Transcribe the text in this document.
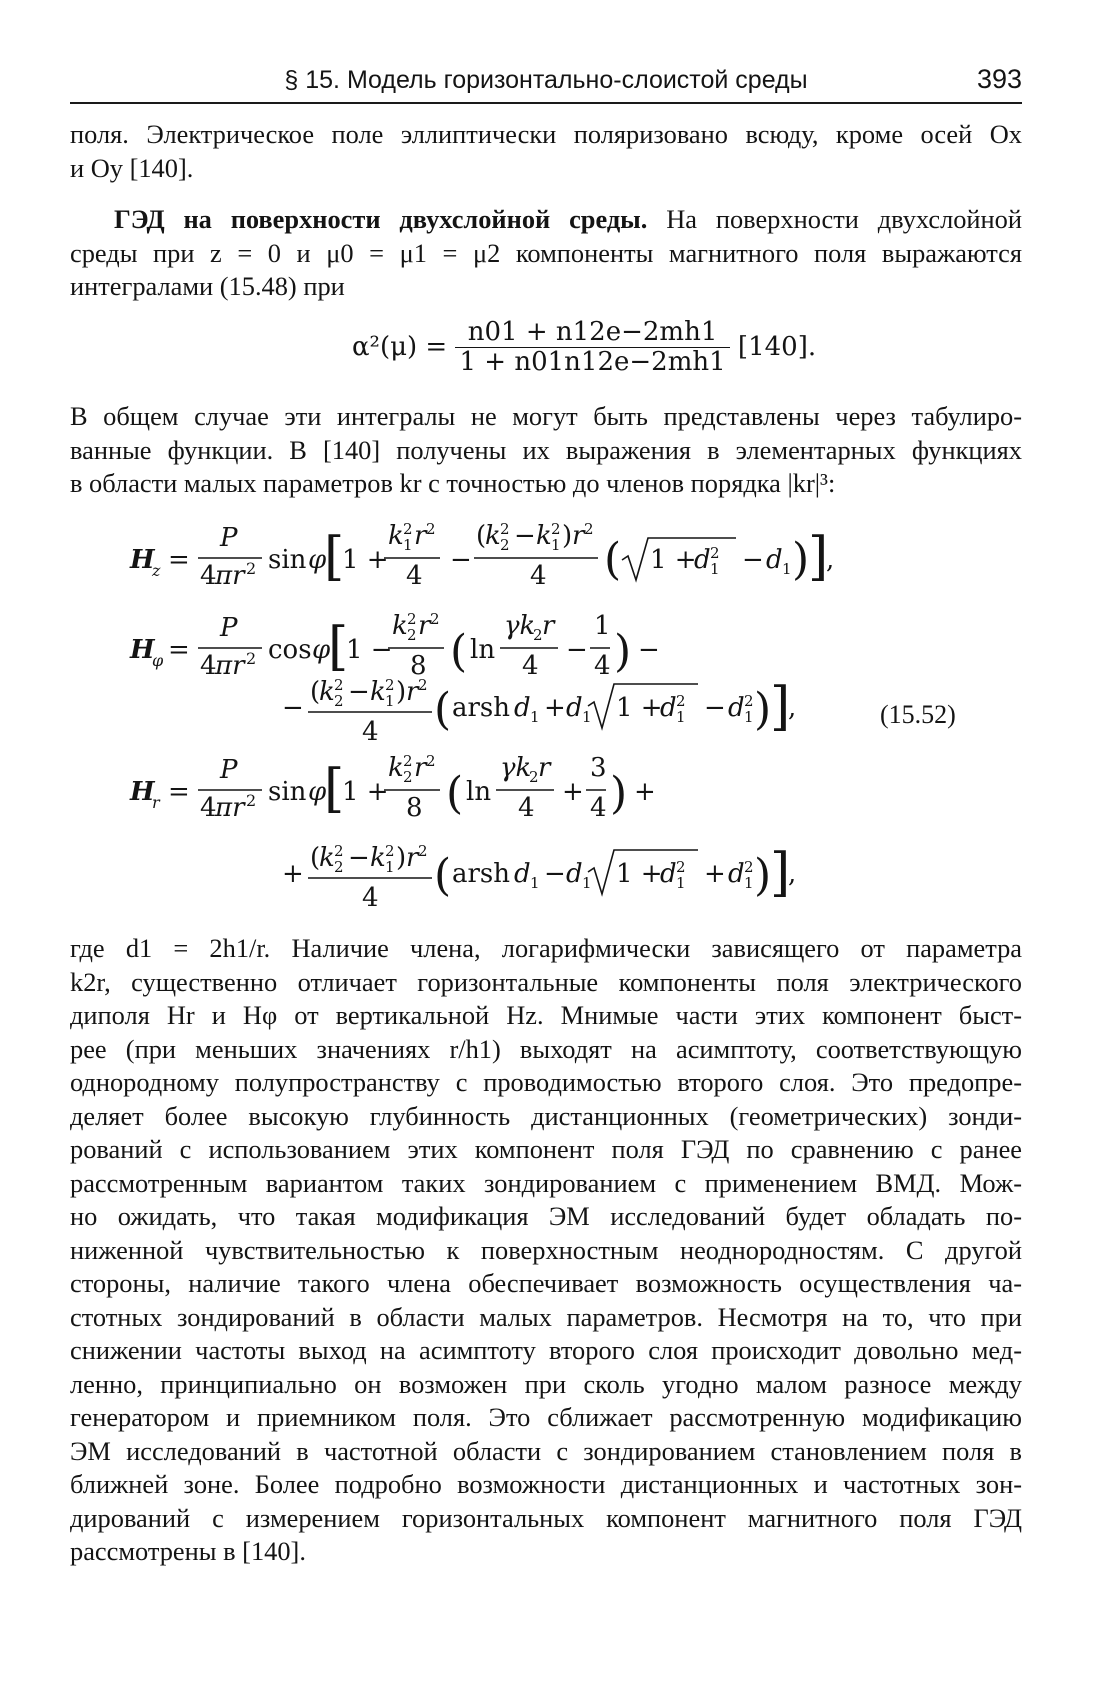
§ 15. Модель горизонтально-слоистой среды	393
поля. Электрическое поле эллиптически поляризовано всюду, кроме осей Ox
и Oy [140].
ГЭД на поверхности двухслойной среды. На поверхности двухслойной
среды при z = 0 и μ0 = μ1 = μ2 компоненты магнитного поля выражаются
интегралами (15.48) при
$\alpha^2(\mu) = \frac{n01 + n12e-2mh1}{1 + n01n12e-2mh1} [140]$.
В общем случае эти интегралы не могут быть представлены через табулиро-
ванные функции. В [140] получены их выражения в элементарных функциях
в области малых параметров kr с точностью до членов порядка |kr|³:
H
z =
P
4
πr 2 sin φ
[
1 +
k 1
2 r 2
4
−
(
k 2
2 − k 1
2 ) r 2
4 ( 1 +
d 1
2 − d 1 )
]
,
H
φ =
P
4
πr 2 cos φ
[
1 −
k 2
2 r 2
8 ( ln
γk
2 r
4
−
1
4 ) −
−
(
k 2
2 − k 1
2 ) r 2
4 ( arsh d 1 + d 1 1 +
d 1
2 − d 1
2 )
]
,
H
r =
P
4
πr 2 sin φ
[
1 +
k 2
2 r 2
8 ( ln
γk
2 r
4
+
3
4 ) +
+
(
k 2
2 − k 1
2 ) r 2
4 ( arsh d 1 − d 1 1 +
d 1
2 + d 1
2 )
]
,
(15.52)
где d1 = 2h1/r. Наличие члена, логарифмически зависящего от параметра
k2r, существенно отличает горизонтальные компоненты поля электрического
диполя Hr и Hφ от вертикальной Hz. Мнимые части этих компонент быст-
рее (при меньших значениях r/h1) выходят на асимптоту, соответствующую
однородному полупространству с проводимостью второго слоя. Это предопре-
деляет более высокую глубинность дистанционных (геометрических) зонди-
рований с использованием этих компонент поля ГЭД по сравнению с ранее
рассмотренным вариантом таких зондированием с применением ВМД. Мож-
но ожидать, что такая модификация ЭМ исследований будет обладать по-
ниженной чувствительностью к поверхностным неоднородностям. С другой
стороны, наличие такого члена обеспечивает возможность осуществления ча-
стотных зондирований в области малых параметров. Несмотря на то, что при
снижении частоты выход на асимптоту второго слоя происходит довольно мед-
ленно, принципиально он возможен при сколь угодно малом разносе между
генератором и приемником поля. Это сближает рассмотренную модификацию
ЭМ исследований в частотной области с зондированием становлением поля в
ближней зоне. Более подробно возможности дистанционных и частотных зон-
дирований с измерением горизонтальных компонент магнитного поля ГЭД
рассмотрены в [140].
